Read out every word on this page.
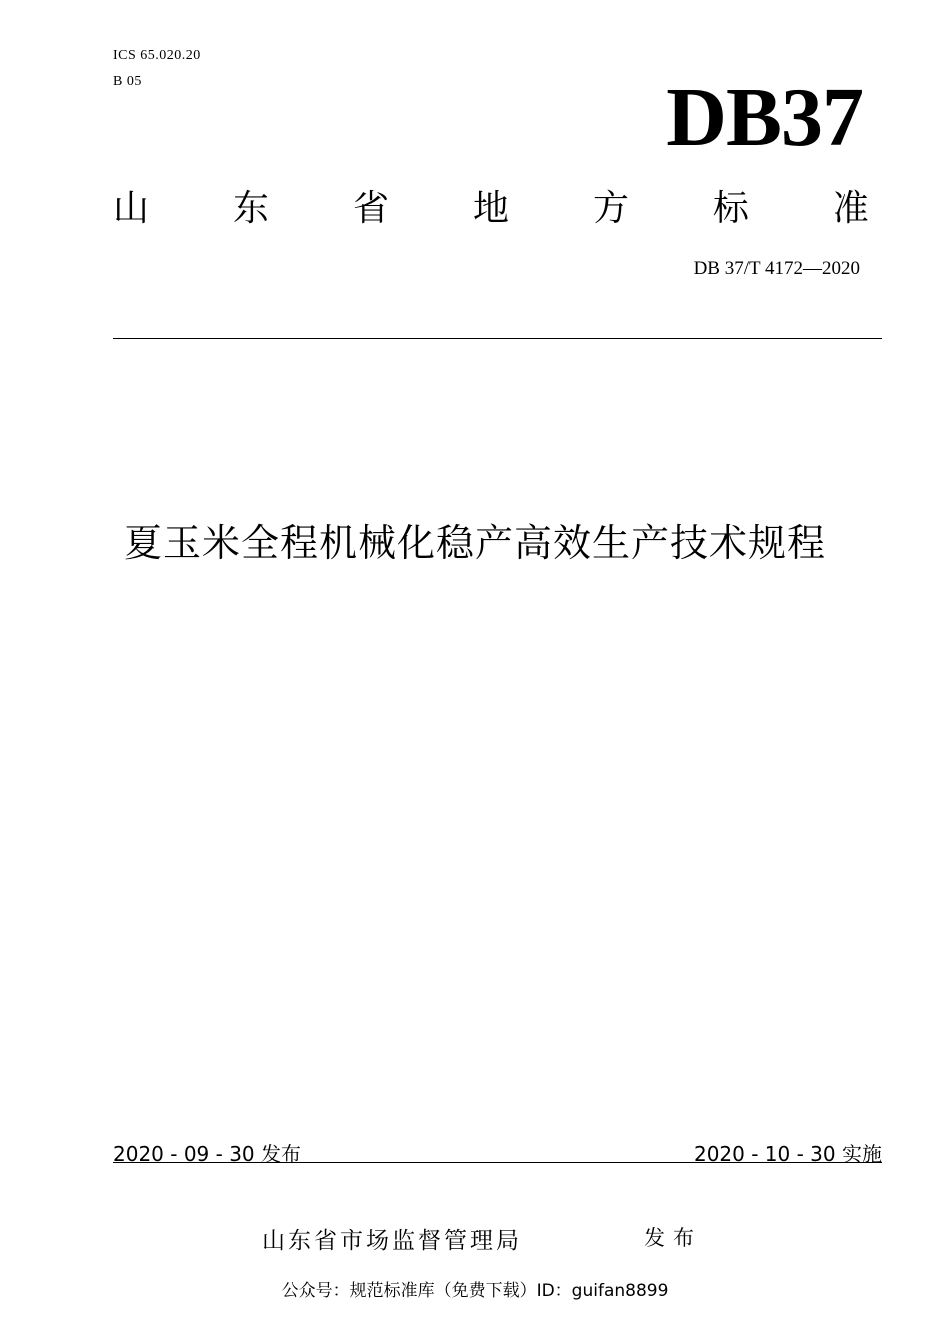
ICS 65.020.20
B 05	DB37
山 东 省 地 方 标 准
DB 37/T 4172—2020
夏玉米全程机械化稳产高效生产技术规程
2020 - 09 - 30 发布	2020 - 10 - 30 实施
山东省市场监督管理局	发布
公众号：规范标准库（免费下载）ID：guifan8899
